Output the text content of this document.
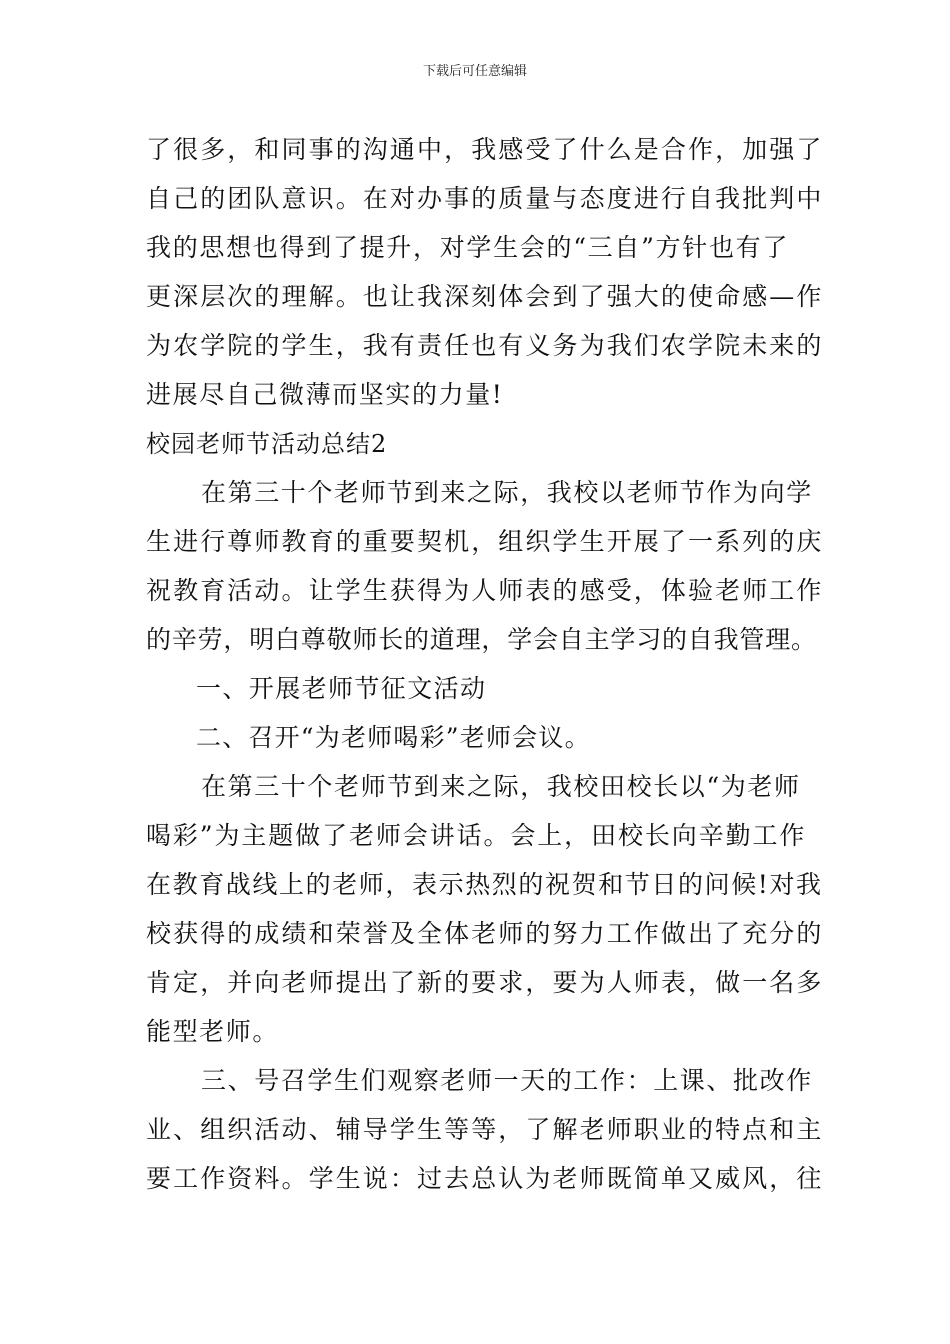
下载后可任意编辑
了很多，和同事的沟通中，我感受了什么是合作，加强了
自己的团队意识。在对办事的质量与态度进行自我批判中
我的思想也得到了提升，对学生会的“三自”方针也有了
更深层次的理解。也让我深刻体会到了强大的使命感—作
为农学院的学生，我有责任也有义务为我们农学院未来的
进展尽自己微薄而坚实的力量!
校园老师节活动总结2
在第三十个老师节到来之际，我校以老师节作为向学
生进行尊师教育的重要契机，组织学生开展了一系列的庆
祝教育活动。让学生获得为人师表的感受，体验老师工作
的辛劳，明白尊敬师长的道理，学会自主学习的自我管理。
一、开展老师节征文活动
二、召开“为老师喝彩”老师会议。
在第三十个老师节到来之际，我校田校长以“为老师
喝彩”为主题做了老师会讲话。会上，田校长向辛勤工作
在教育战线上的老师，表示热烈的祝贺和节日的问候!对我
校获得的成绩和荣誉及全体老师的努力工作做出了充分的
肯定，并向老师提出了新的要求，要为人师表，做一名多
能型老师。
三、号召学生们观察老师一天的工作：上课、批改作
业、组织活动、辅导学生等等，了解老师职业的特点和主
要工作资料。学生说：过去总认为老师既简单又威风，往
